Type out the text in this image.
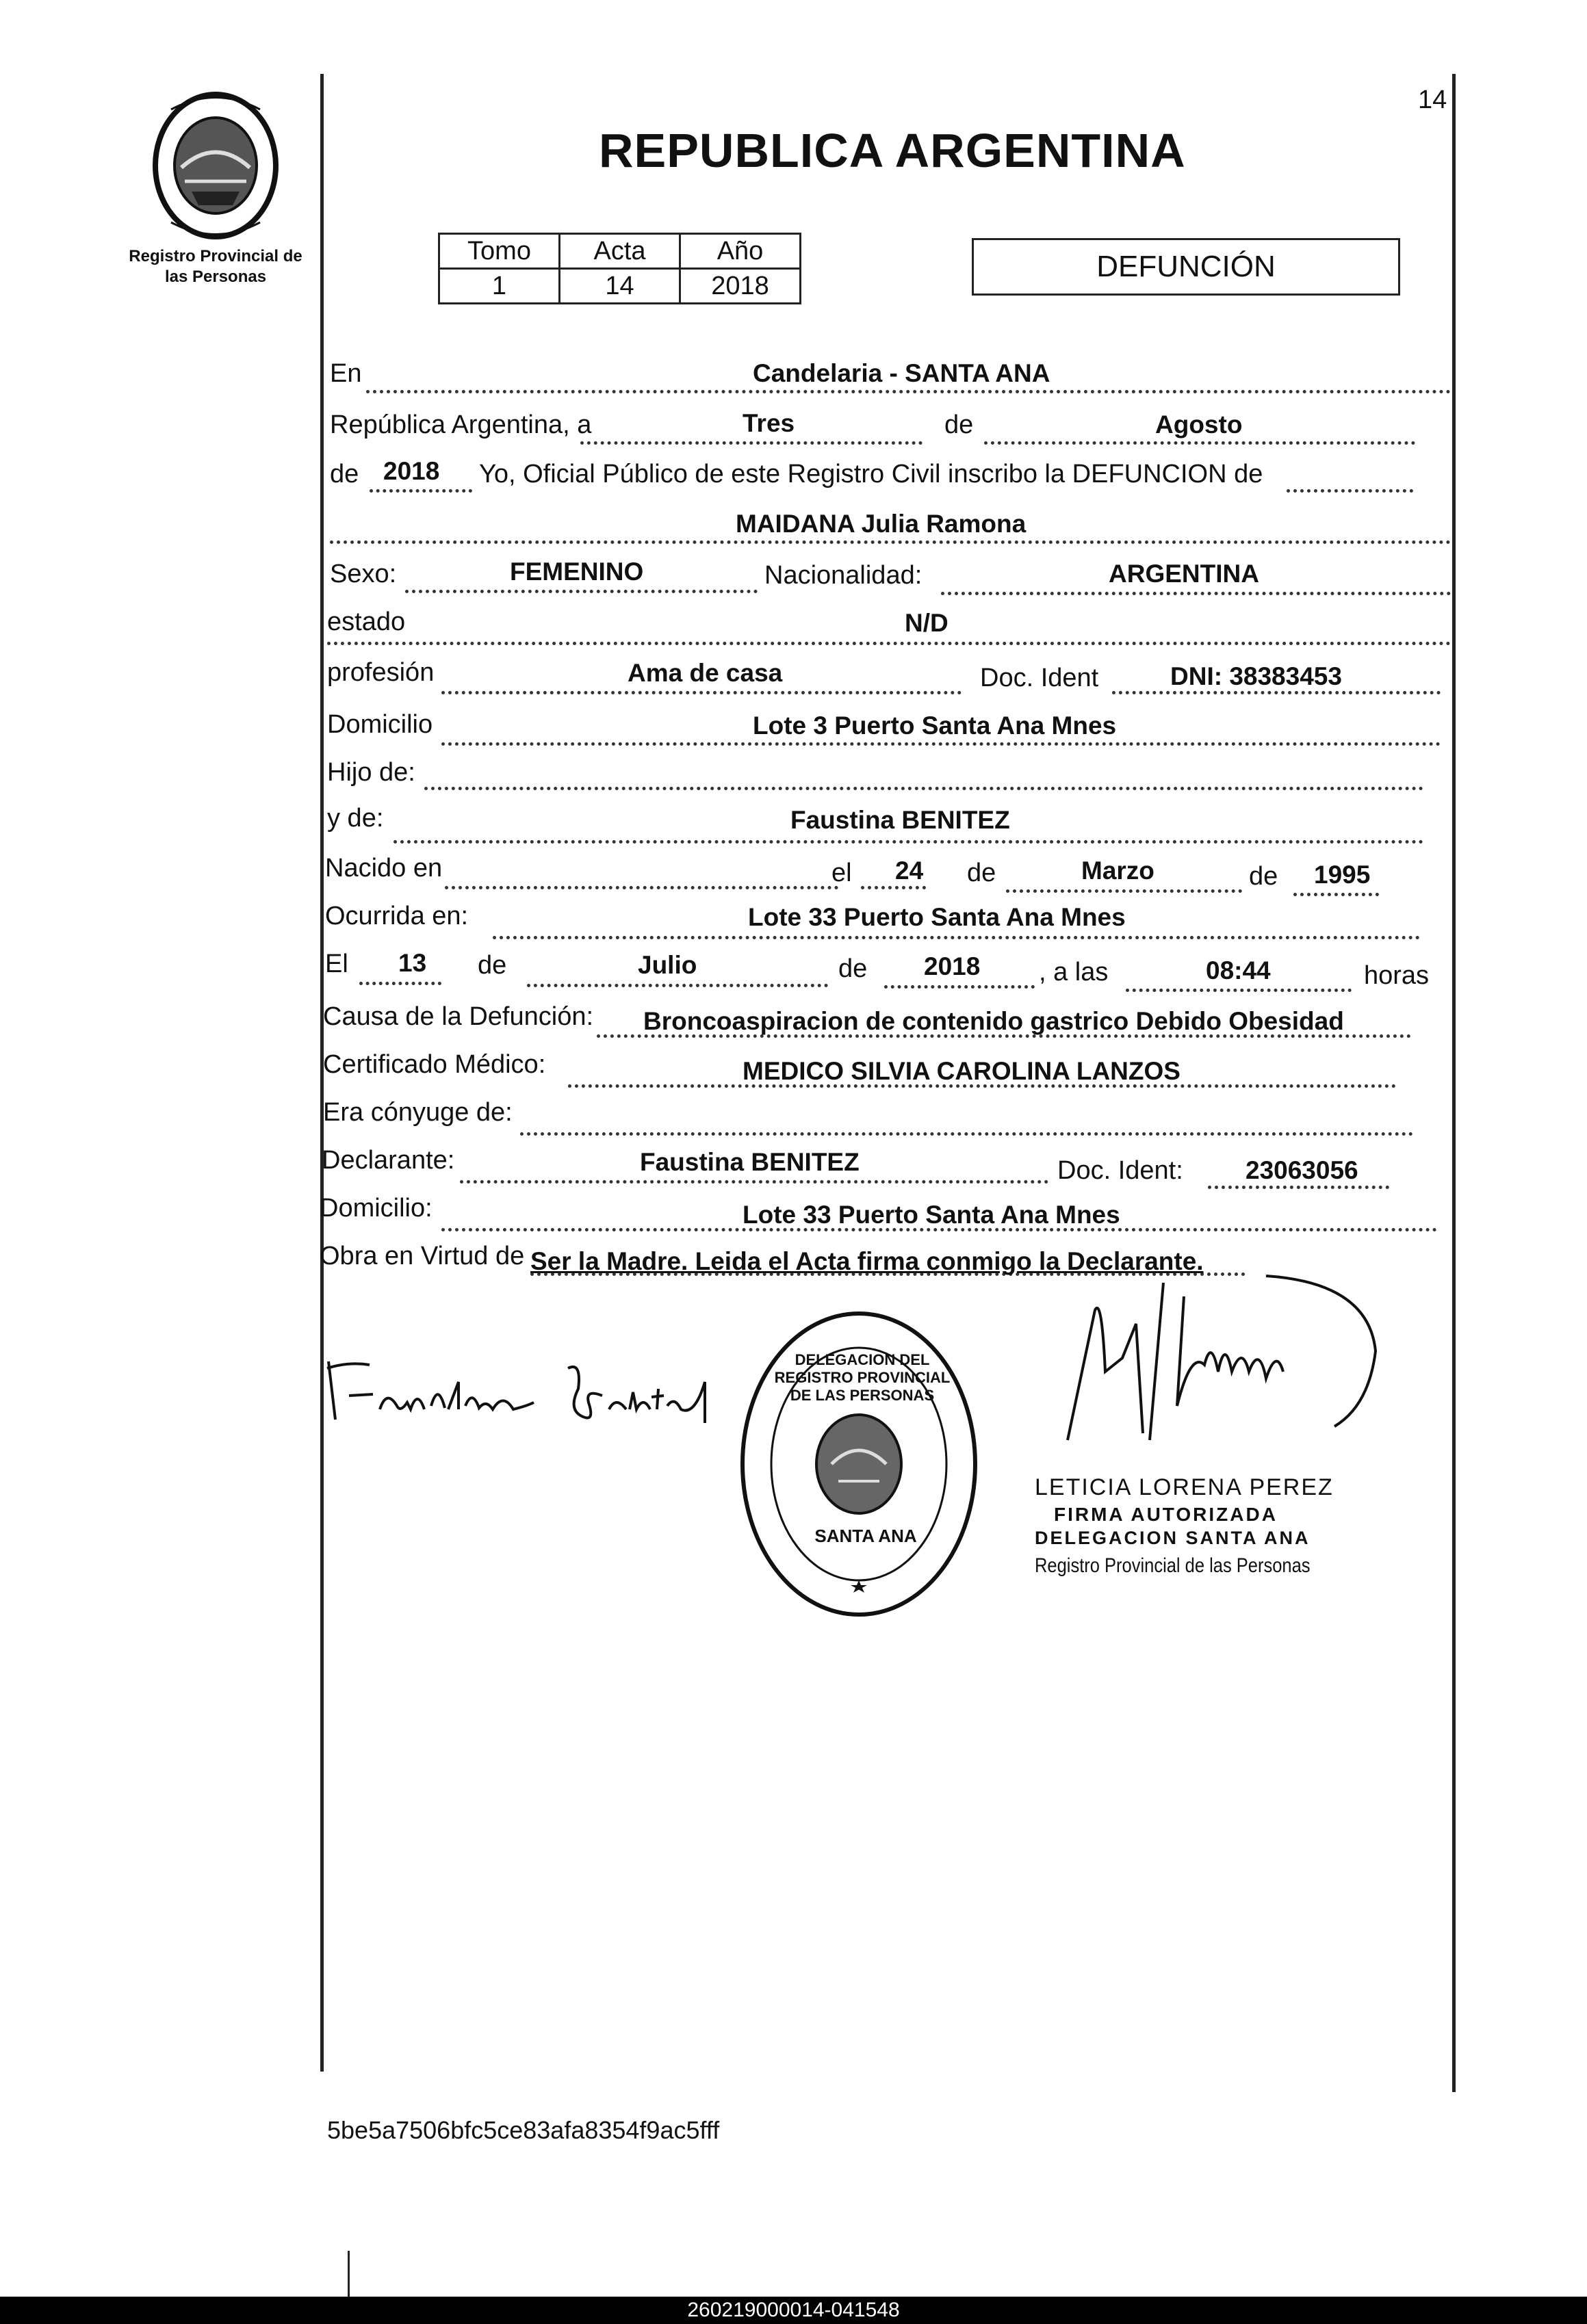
14
Registro Provincial de
las Personas
REPUBLICA ARGENTINA
Tomo	Acta	Año
1	14	2018
DEFUNCIÓN
En	Candelaria - SANTA ANA
República Argentina, a	Tres	de	Agosto
de 2018 Yo, Oficial Público de este Registro Civil inscribo la DEFUNCION de
MAIDANA Julia Ramona
Sexo:	FEMENINO	Nacionalidad:	ARGENTINA
estado	N/D
profesión	Ama de casa	Doc. Ident	DNI: 38383453
Domicilio	Lote 3 Puerto Santa Ana Mnes
Hijo de:
y de:	Faustina BENITEZ
Nacido en	el 24 de	Marzo	de 1995
Ocurrida en:	Lote 33 Puerto Santa Ana Mnes
El 13 de	Julio	de 2018 , a las	08:44	horas
Causa de la Defunción: Broncoaspiracion de contenido gastrico Debido Obesidad
Certificado Médico:	MEDICO SILVIA CAROLINA LANZOS
Era cónyuge de:
Declarante:	Faustina BENITEZ	Doc. Ident: 23063056
Domicilio:	Lote 33 Puerto Santa Ana Mnes
Obra en Virtud de Ser la Madre. Leida el Acta firma conmigo la Declarante.
DELEGACION DEL REGISTRO PROVINCIAL DE LAS PERSONAS
SANTA ANA
LETICIA LORENA PEREZ
FIRMA AUTORIZADA
DELEGACION SANTA ANA
Registro Provincial de las Personas
5be5a7506bfc5ce83afa8354f9ac5fff
260219000014-041548
